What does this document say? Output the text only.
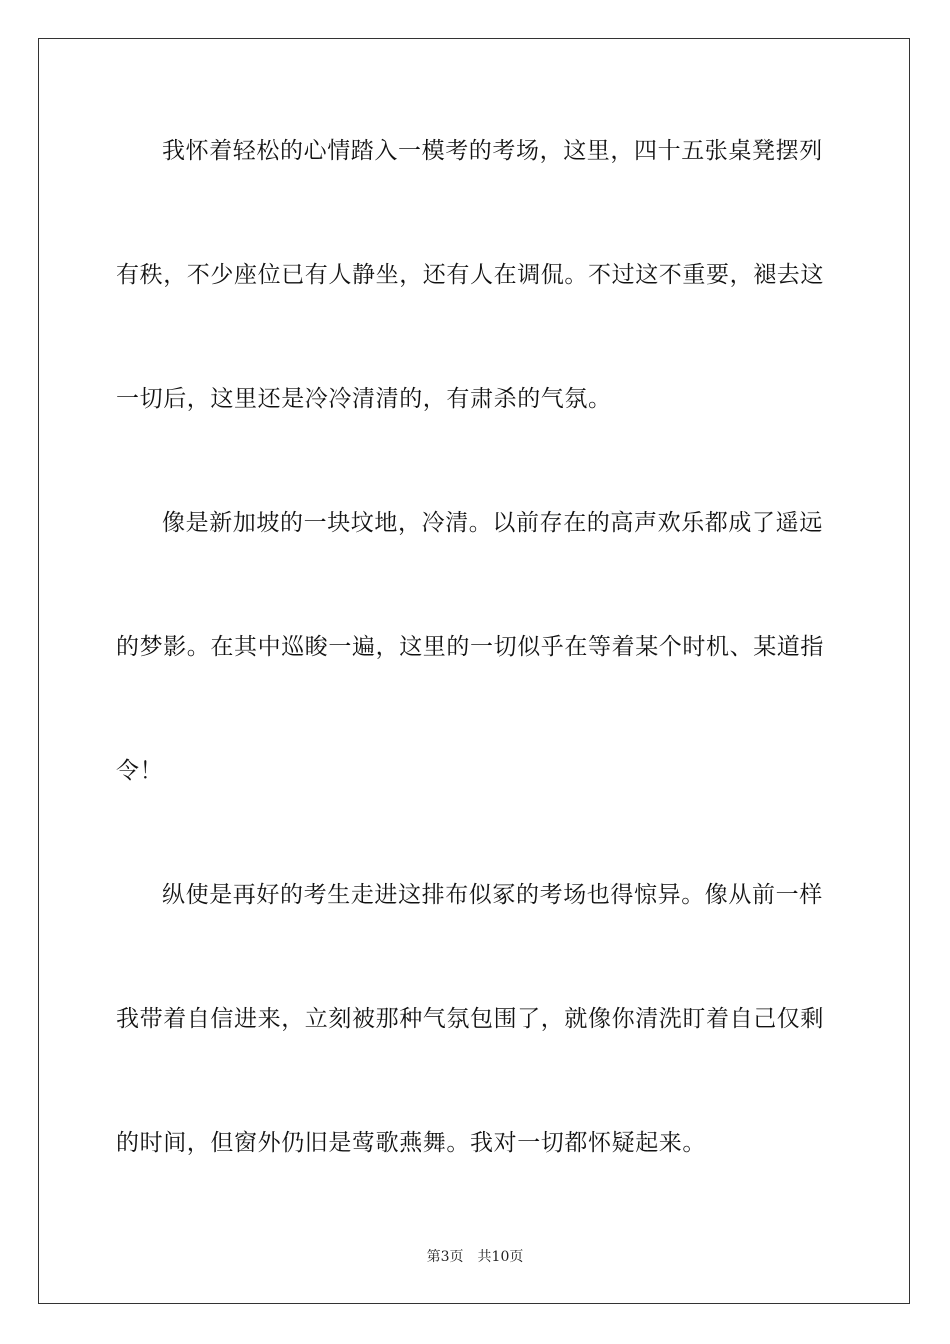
我怀着轻松的心情踏入一模考的考场，这里，四十五张桌凳摆列
有秩，不少座位已有人静坐，还有人在调侃。不过这不重要，褪去这
一切后，这里还是冷冷清清的，有肃杀的气氛。
像是新加坡的一块坟地，冷清。以前存在的高声欢乐都成了遥远
的梦影。在其中巡睃一遍，这里的一切似乎在等着某个时机、某道指
令！
纵使是再好的考生走进这排布似冢的考场也得惊异。像从前一样
我带着自信进来，立刻被那种气氛包围了，就像你清洗盯着自己仅剩
的时间，但窗外仍旧是莺歌燕舞。我对一切都怀疑起来。
第3页 共10页
